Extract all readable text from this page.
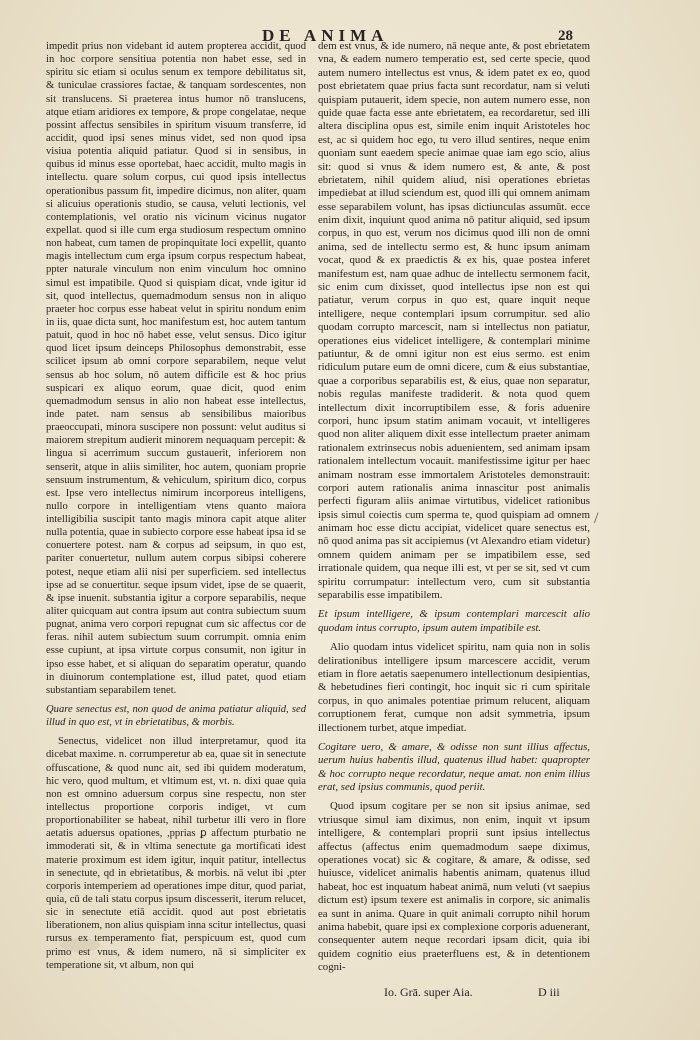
DE ANIMA	28

impedit prius non videbant id autem propterea accidit, quod in hoc corpore sensitiua potentia non habet esse, sed in spiritu sic etiam si oculus senum ex tempore debilitatus sit, & tuniculae crassiores factae, & tanquam sordescentes, non sit translucens. Si praeterea intus humor nō translucens, atque etiam aridiores ex tempore, & prope congelatae, neque possint affectus sensibiles in spiritum visuum transferre, id accidit, quod ipsi senes minus videt, sed non quod ipsa visiua potentia aliquid patiatur. Quod si in sensibus, in quibus id minus esse oportebat, haec accidit, multo magis in intellectu. quare solum corpus, cui quod ipsis intellectus operationibus passum fit, impedire dicimus, non aliter, quam si alicuius operationis studio, se causa, veluti lectionis, vel contemplationis, vel oratio nis vicinum vicinus nugator expellat. quod si ille cum erga studiosum respectum omnino non habeat, cum tamen de propinquitate loci expellit, quanto magis intellectum cum erga ipsum corpus respectum habeat, ppter naturale vinculum non enim vinculum hoc omnino simul est impatibile. Quod si quispiam dicat, vnde igitur id sit, quod intellectus, quemadmodum sensus non in aliquo praeter hoc corpus esse habeat velut in spiritu nondum enim in iis, quae dicta sunt, hoc manifestum est, hoc autem tantum patuit, quod in hoc nō habet esse, velut sensus. Dico igitur quod licet ipsum deinceps Philosophus demonstrabit, esse scilicet ipsum ab omni corpore separabilem, neque velut sensus ab hoc solum, nō autem difficile est & hoc prius suspicari ex aliquo eorum, quae dicit, quod enim quemadmodum sensus in alio non habeat esse intellectus, inde patet. nam sensus ab sensibilibus maioribus praeoccupati, minora suscipere non possunt: velut auditus si maiorem strepitum audierit minorem nequaquam percepit: & lingua si acerrimum succum gustauerit, inferiorem non senserit, atque in aliis similiter, hoc autem, quoniam proprie sensuum instrumentum, & vehiculum, spiritum dico, corpus est. Ipse vero intellectus nimirum incorporeus intelligens, nullo corpore in intelligentiam vtens quanto maiora intelligibilia suscipit tanto magis minora capit atque aliter nulla potentia, quae in subiecto corpore esse habeat ipsa id se conuertere potest. nam & corpus ad seipsum, in quo est, pariter conuertetur, nullum autem corpus sibipsi coherere potest, neque etiam alii nisi per superficiem. sed intellectus ipse ad se conuertitur. seque ipsum videt, ipse de se quaerit, & ipse inuenit. substantia igitur a corpore separabilis, neque aliter quicquam aut contra ipsum aut contra subiectum suum pugnat, anima vero corpori repugnat cum sic affectus cor de feras. nihil autem subiectum suum corrumpit. omnia enim esse cupiunt, at ipsa virtute corpus consumit, non igitur in ipso esse habet, et si aliquan do separatim operatur, quando in diuinorum contemplatione est, illud patet, quod etiam substantiam separabilem tenet.

Quare senectus est, non quod de anima patiatur aliquid, sed illud in quo est, vt in ebrietatibus, & morbis.

Senectus, videlicet non illud interpretamur, quod ita dicebat maxime. n. corrumperetur ab ea, quae sit in senectute offuscatione, & quod nunc ait, sed ibi quidem moderatum, hic vero, quod multum, et vltimum est, vt. n. dixi quae quia non est omnino aduersum corpus sine respectu, non ster intellectus proportione corporis indiget, vt cum proportionabiliter se habeat, nihil turbetur illi vero in flore aetatis aduersus opationes, ,pprias ꝑ affectum pturbatio ne immoderati sit, & in vltima senectute ga mortificati idest materie proximum est idem igitur, inquit patitur, intellectus in senectute, qd in ebrietatibus, & morbis. nā velut ibi ,pter corporis intemperiem ad operationes impe ditur, quod pariat, quia, cū de tali statu corpus ipsum discesserit, iterum relucet, sic in senectute etiā accidit. quod aut post ebrietatis liberationem, non alius quispiam inna scitur intellectus, quasi rursus ex temperamento fiat, perspicuum est, quod cum primo est vnus, & idem numero, nā si simpliciter ex temperatione sit, vt album, non qui

dem est vnus, & ide numero, nā neque ante, & post ebrietatem vna, & eadem numero temperatio est, sed certe specie, quod autem numero intellectus est vnus, & idem patet ex eo, quod post ebrietatem quae prius facta sunt recordatur, nam si veluti quispiam putauerit, idem specie, non autem numero esse, non quide quae facta esse ante ebrietatem, ea recordaretur, sed illi altera disciplina opus est, simile enim inquit Aristoteles hoc est, ac si quidem hoc ego, tu vero illud sentires, neque enim quoniam sunt eaedem specie animae quae iam ego scio, alius sit: quod si vnus & idem numero est, & ante, & post ebrietatem, nihil quidem aliud, nisi operationes ebrietas impediebat at illud sciendum est, quod illi qui omnem animam esse separabilem volunt, has ipsas dictiunculas assumūt. ecce enim dixit, inquiunt quod anima nō patitur aliquid, sed ipsum corpus, in quo est, verum nos dicimus quod illi non de omni anima, sed de intellectu sermo est, & hunc ipsum animam vocat, quod & ex praedictis & ex his, quae postea inferet manifestum est, nam quae adhuc de intellectu sermonem facit, sic enim cum dixisset, quod intellectus ipse non est qui patiatur, verum corpus in quo est, quare inquit neque intelligere, neque contemplari ipsum corrumpitur. sed alio quodam corrupto marcescit, nam si intellectus non patiatur, operationes eius videlicet intelligere, & contemplari minime patiuntur, & de omni igitur non est eius sermo. est enim ridiculum putare eum de omni dicere, cum & eius substantiae, quae a corporibus separabilis est, & eius, quae non separatur, nobis regulas manifeste tradiderit. & nota quod quem intellectum dixit incorruptibilem esse, & foris aduenire corpori, hunc ipsum statim animam vocauit, vt intelligeres quod non aliter aliquem dixit esse intellectum praeter animam rationalem extrinsecus nobis aduenientem, sed animam ipsam rationalem intellectum vocauit. manifestissime igitur per haec animam nostram esse immortalem Aristoteles demonstrauit: corpori autem rationalis anima innascitur post animalis perfecti figuram aliis animae virtutibus, videlicet rationibus ipsis simul coiectis cum sperma te, quod quispiam ad omnem animam hoc esse dictu accipiat, videlicet quare senectus est, nō quod anima pas sit accipiemus (vt Alexandro etiam videtur) omnem quidem animam per se impatibilem esse, sed irrationale quidem, qua neque illi est, vt per se sit, sed vt cum spiritu corrumpatur: intellectum vero, cum sit substantia separabilis esse impatibilem.

Et ipsum intelligere, & ipsum contemplari marcescit alio quodam intus corrupto, ipsum autem impatibile est.

Alio quodam intus videlicet spiritu, nam quia non in solis delirationibus intelligere ipsum marcescere accidit, verum etiam in flore aetatis saepenumero intellectionum desipientias, & hebetudines fieri contingit, hoc inquit sic ri cum spiritale corpus, in quo animales potentiae primum relucent, aliquam corruptionem ferat, cumque non adsit symmetria, ipsum illectionem turbet, atque impediat.

Cogitare uero, & amare, & odisse non sunt illius affectus, uerum huius habentis illud, quatenus illud habet: quapropter & hoc corrupto neque recordatur, neque amat. non enim illius erat, sed ipsius communis, quod periit.

Quod ipsum cogitare per se non sit ipsius animae, sed vtriusque simul iam diximus, non enim, inquit vt ipsum intelligere, & contemplari proprii sunt ipsius intellectus affectus (affectus enim quemadmodum saepe diximus, operationes vocat) sic & cogitare, & amare, & odisse, sed huiusce, videlicet animalis habentis animam, quatenus illud habeat, hoc est inquatum habeat animā, num veluti (vt saepius dictum est) ipsum texere est animalis in corpore, sic animalis ea sunt in anima. Quare in quit animali corrupto nihil horum anima habebit, quare ipsi ex complexione corporis aduenerant, consequenter autem neque recordari ipsam dicit, quia ibi quidem cognitio eius praeterfluens est, & in detentionem cogni-

/
Io. Grā. super Aia.	D iii
